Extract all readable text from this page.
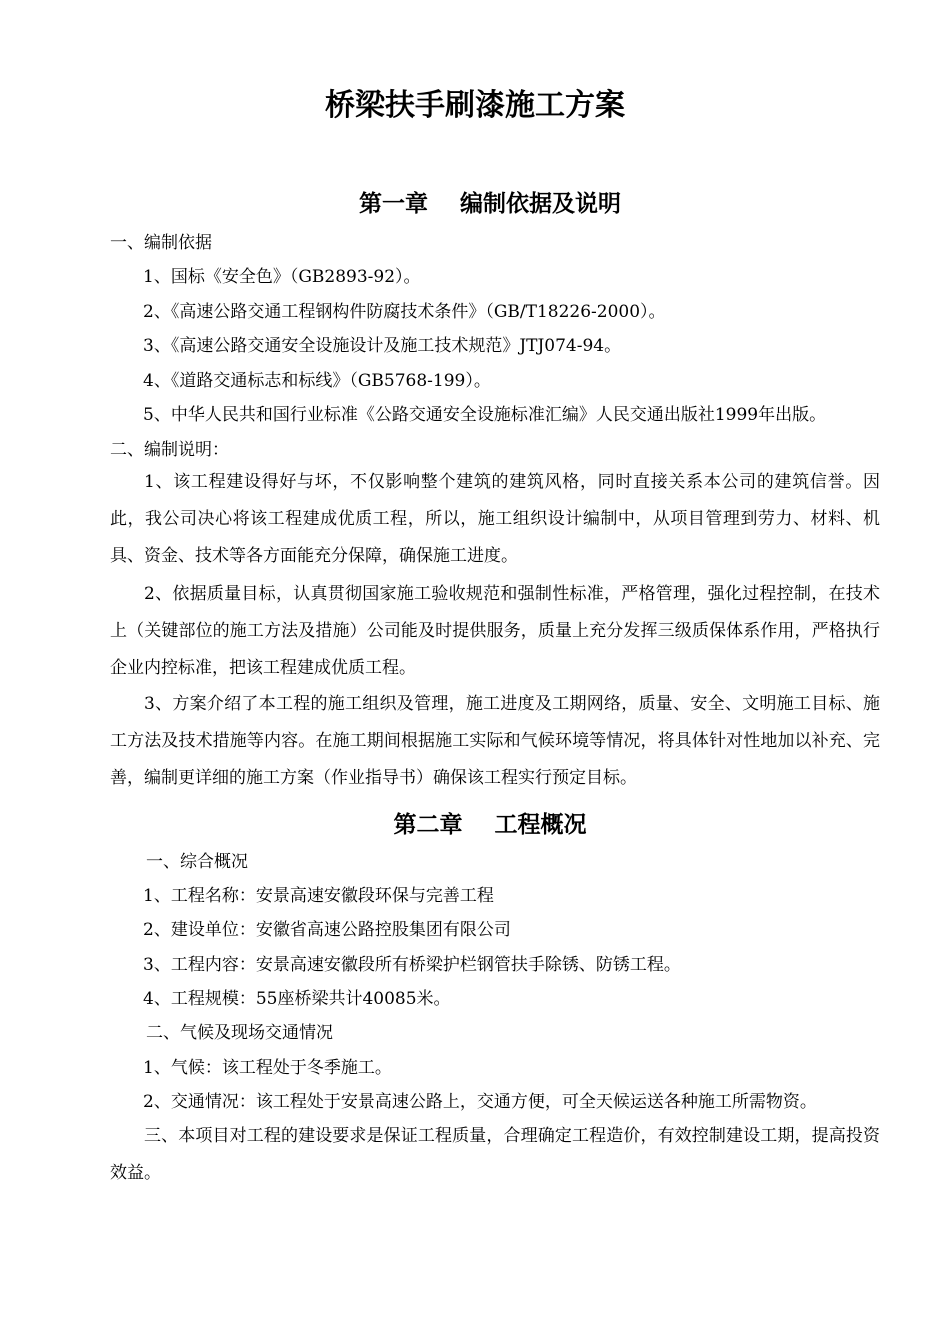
桥梁扶手刷漆施工方案
第一章    编制依据及说明

一、编制依据

1、国标《安全色》（GB2893-92）。

2、《高速公路交通工程钢构件防腐技术条件》（GB/T18226-2000）。

3、《高速公路交通安全设施设计及施工技术规范》JTJ074-94。

4、《道路交通标志和标线》（GB5768-199）。

5、中华人民共和国行业标准《公路交通安全设施标准汇编》人民交通出版社1999年出版。

二、编制说明：

1、该工程建设得好与坏，不仅影响整个建筑的建筑风格，同时直接关系本公司的建筑信誉。因此，我公司决心将该工程建成优质工程，所以，施工组织设计编制中，从项目管理到劳力、材料、机具、资金、技术等各方面能充分保障，确保施工进度。

2、依据质量目标，认真贯彻国家施工验收规范和强制性标准，严格管理，强化过程控制，在技术上（关键部位的施工方法及措施）公司能及时提供服务，质量上充分发挥三级质保体系作用，严格执行企业内控标准，把该工程建成优质工程。

3、方案介绍了本工程的施工组织及管理，施工进度及工期网络，质量、安全、文明施工目标、施工方法及技术措施等内容。在施工期间根据施工实际和气候环境等情况，将具体针对性地加以补充、完善，编制更详细的施工方案（作业指导书）确保该工程实行预定目标。

第二章    工程概况

一、综合概况

1、工程名称：安景高速安徽段环保与完善工程

2、建设单位：安徽省高速公路控股集团有限公司

3、工程内容：安景高速安徽段所有桥梁护栏钢管扶手除锈、防锈工程。

4、工程规模：55座桥梁共计40085米。

二、气候及现场交通情况

1、气候：该工程处于冬季施工。

2、交通情况：该工程处于安景高速公路上，交通方便，可全天候运送各种施工所需物资。

三、本项目对工程的建设要求是保证工程质量，合理确定工程造价，有效控制建设工期，提高投资效益。
